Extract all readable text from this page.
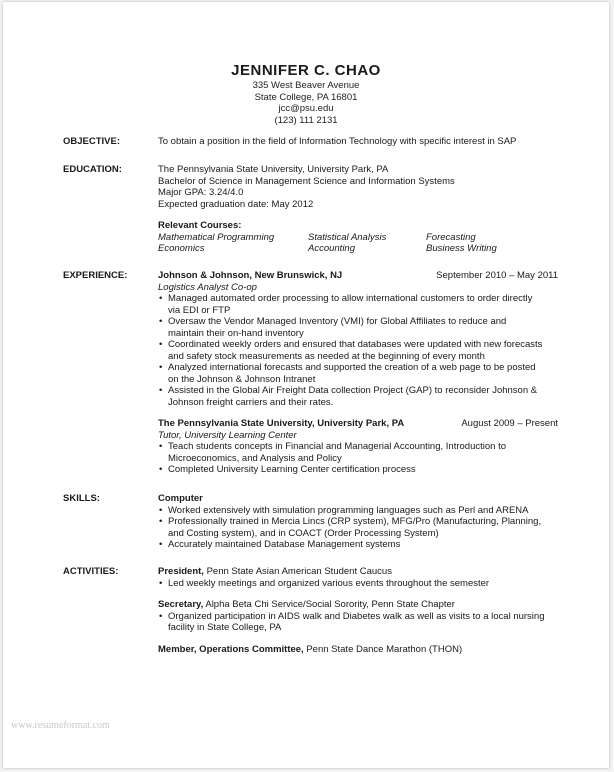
JENNIFER C. CHAO
335 West Beaver Avenue
State College, PA 16801
jcc@psu.edu
(123) 111 2131
OBJECTIVE:	To obtain a position in the field of Information Technology with specific interest in SAP
EDUCATION:	The Pennsylvania State University, University Park, PA
Bachelor of Science in Management Science and Information Systems
Major GPA: 3.24/4.0
Expected graduation date: May 2012
Relevant Courses:
Mathematical Programming	Statistical Analysis	Forecasting
Economics	Accounting	Business Writing
EXPERIENCE:	Johnson & Johnson, New Brunswick, NJ	September 2010 – May 2011
Logistics Analyst Co-op
• Managed automated order processing to allow international customers to order directly
via EDI or FTP
• Oversaw the Vendor Managed Inventory (VMI) for Global Affiliates to reduce and
maintain their on-hand inventory
• Coordinated weekly orders and ensured that databases were updated with new forecasts
and safety stock measurements as needed at the beginning of every month
• Analyzed international forecasts and supported the creation of a web page to be posted
on the Johnson & Johnson Intranet
• Assisted in the Global Air Freight Data collection Project (GAP) to reconsider Johnson &
Johnson freight carriers and their rates.
The Pennsylvania State University, University Park, PA	August 2009 – Present
Tutor, University Learning Center
• Teach students concepts in Financial and Managerial Accounting, Introduction to
Microeconomics, and Analysis and Policy
• Completed University Learning Center certification process
SKILLS:	Computer
• Worked extensively with simulation programming languages such as Perl and ARENA
• Professionally trained in Mercia Lincs (CRP system), MFG/Pro (Manufacturing, Planning,
and Costing system), and in COACT (Order Processing System)
• Accurately maintained Database Management systems
ACTIVITIES:	President, Penn State Asian American Student Caucus
• Led weekly meetings and organized various events throughout the semester
Secretary, Alpha Beta Chi Service/Social Sorority, Penn State Chapter
• Organized participation in AIDS walk and Diabetes walk as well as visits to a local nursing
facility in State College, PA
Member, Operations Committee, Penn State Dance Marathon (THON)
www.resumeformat.com
